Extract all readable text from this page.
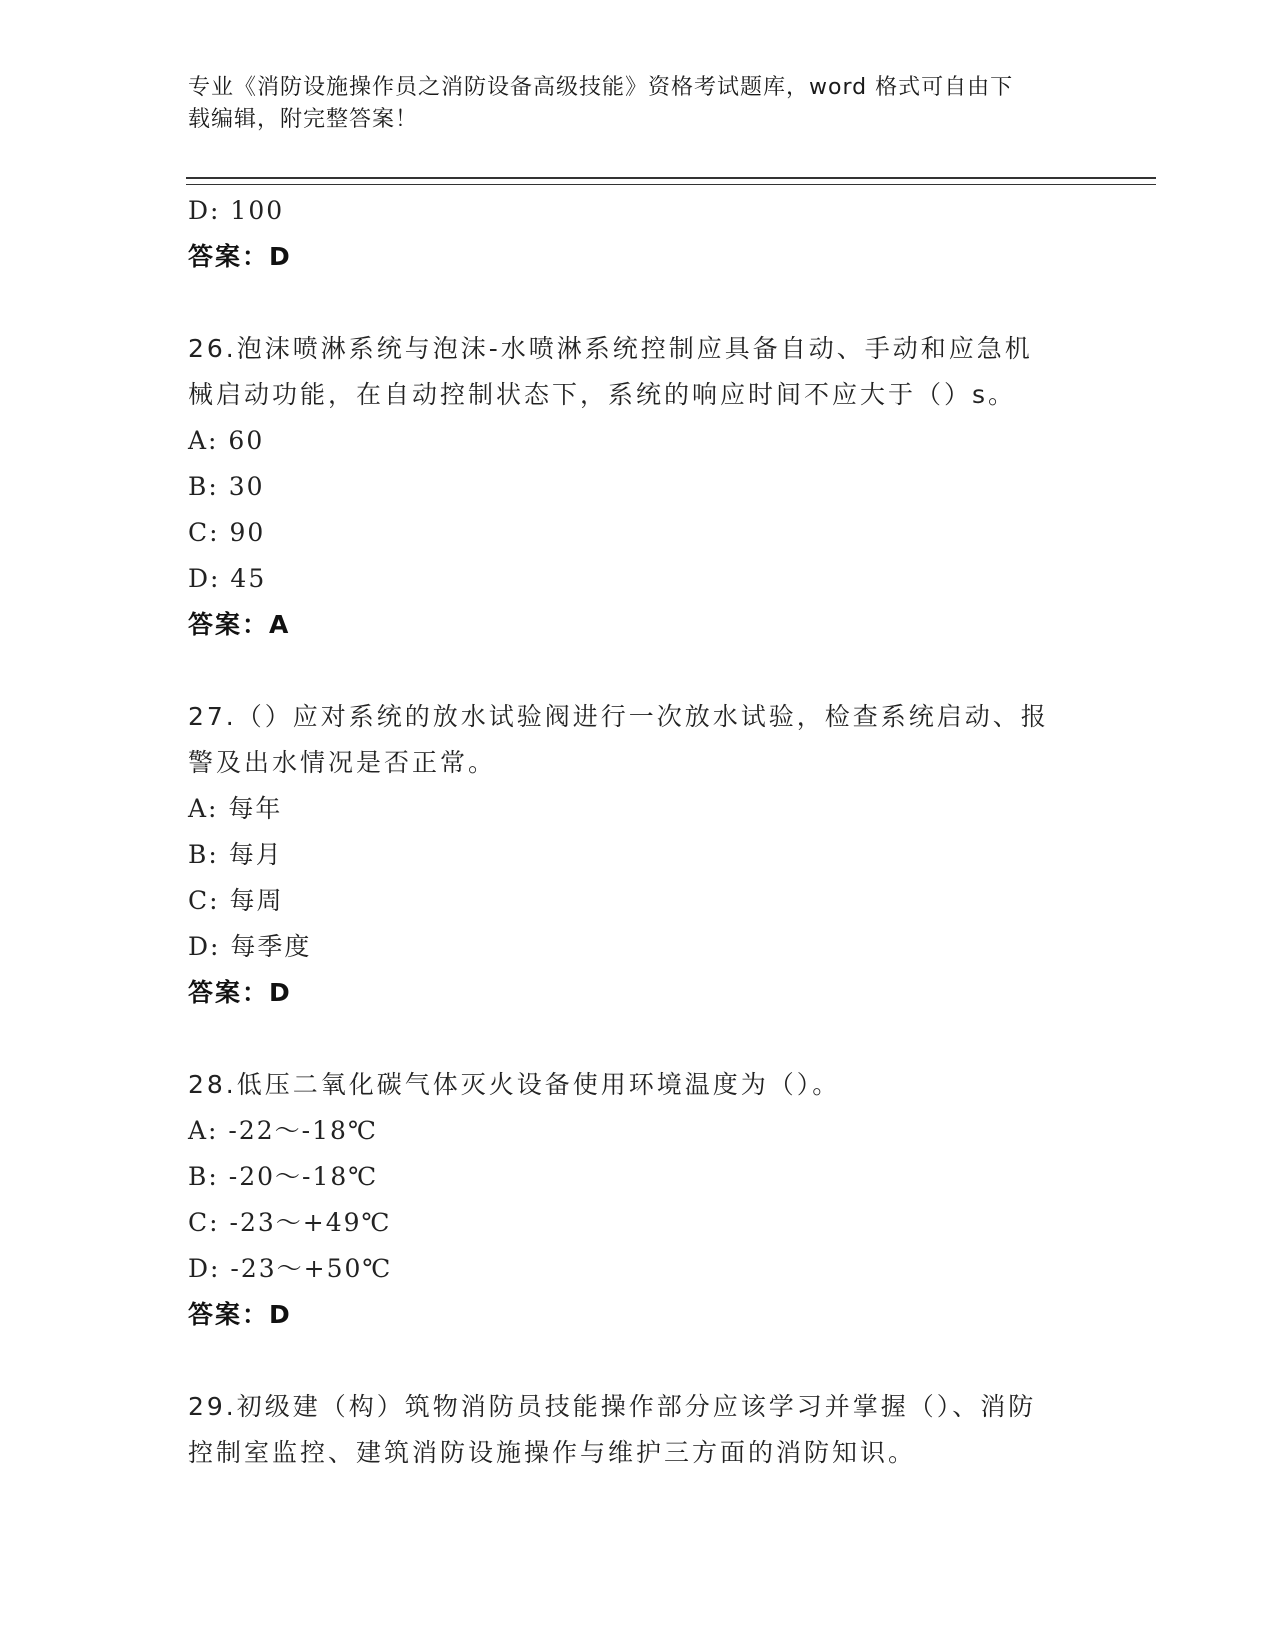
专业《消防设施操作员之消防设备高级技能》资格考试题库，word 格式可自由下
载编辑，附完整答案！
D: 100
答案：D
26.泡沫喷淋系统与泡沫-水喷淋系统控制应具备自动、手动和应急机
械启动功能，在自动控制状态下，系统的响应时间不应大于（）s。
A: 60
B: 30
C: 90
D: 45
答案：A
27.（）应对系统的放水试验阀进行一次放水试验，检查系统启动、报
警及出水情况是否正常。
A: 每年
B: 每月
C: 每周
D: 每季度
答案：D
28.低压二氧化碳气体灭火设备使用环境温度为（）。
A: -22～-18℃
B: -20～-18℃
C: -23～+49℃
D: -23～+50℃
答案：D
29.初级建（构）筑物消防员技能操作部分应该学习并掌握（）、消防
控制室监控、建筑消防设施操作与维护三方面的消防知识。
